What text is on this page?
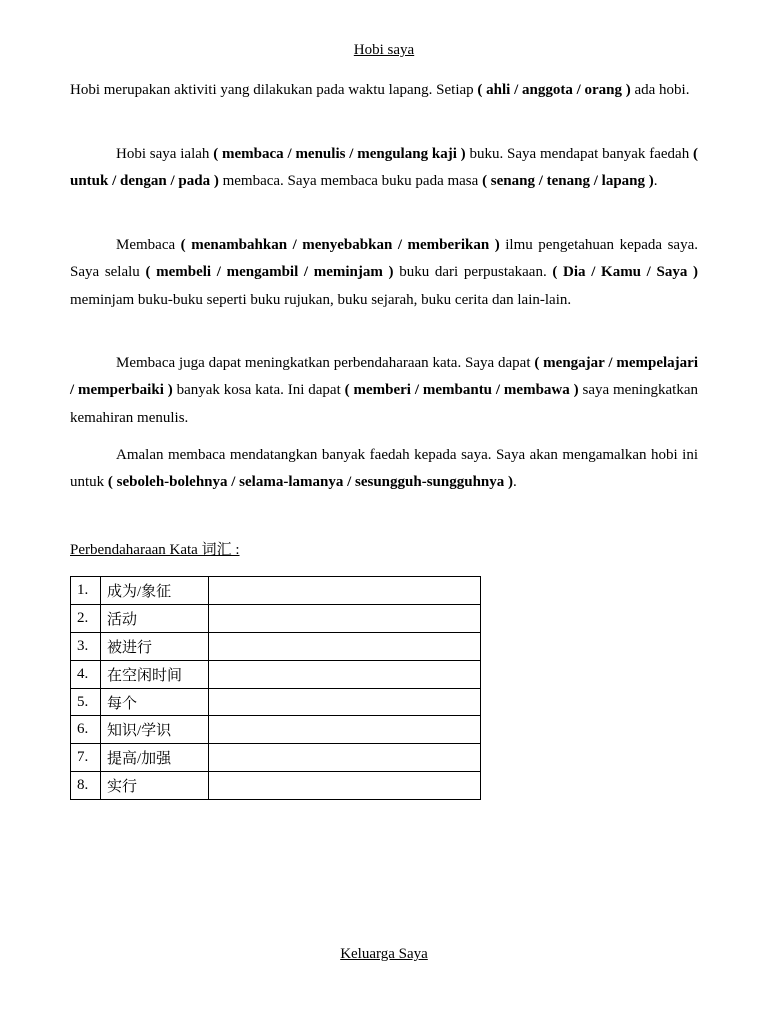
Hobi saya

Hobi merupakan aktiviti yang dilakukan pada waktu lapang. Setiap ( ahli / anggota / orang ) ada hobi.

Hobi saya ialah ( membaca / menulis / mengulang kaji ) buku. Saya mendapat banyak faedah ( untuk / dengan / pada ) membaca. Saya membaca buku pada masa ( senang / tenang / lapang ).

Membaca ( menambahkan / menyebabkan / memberikan ) ilmu pengetahuan kepada saya. Saya selalu ( membeli / mengambil / meminjam ) buku dari perpustakaan. ( Dia / Kamu / Saya ) meminjam buku-buku seperti buku rujukan, buku sejarah, buku cerita dan lain-lain.

Membaca juga dapat meningkatkan perbendaharaan kata. Saya dapat ( mengajar / mempelajari / memperbaiki ) banyak kosa kata. Ini dapat ( memberi / membantu / membawa ) saya meningkatkan kemahiran menulis.

Amalan membaca mendatangkan banyak faedah kepada saya. Saya akan mengamalkan hobi ini untuk ( seboleh-bolehnya / selama-lamanya / sesungguh-sungguhnya ).

Perbendaharaan Kata 词汇 :
1.	成为/象征	
2.	活动	
3.	被进行	
4.	在空闲时间	
5.	每个	
6.	知识/学识	
7.	提高/加强	
8.	实行	
Keluarga Saya
